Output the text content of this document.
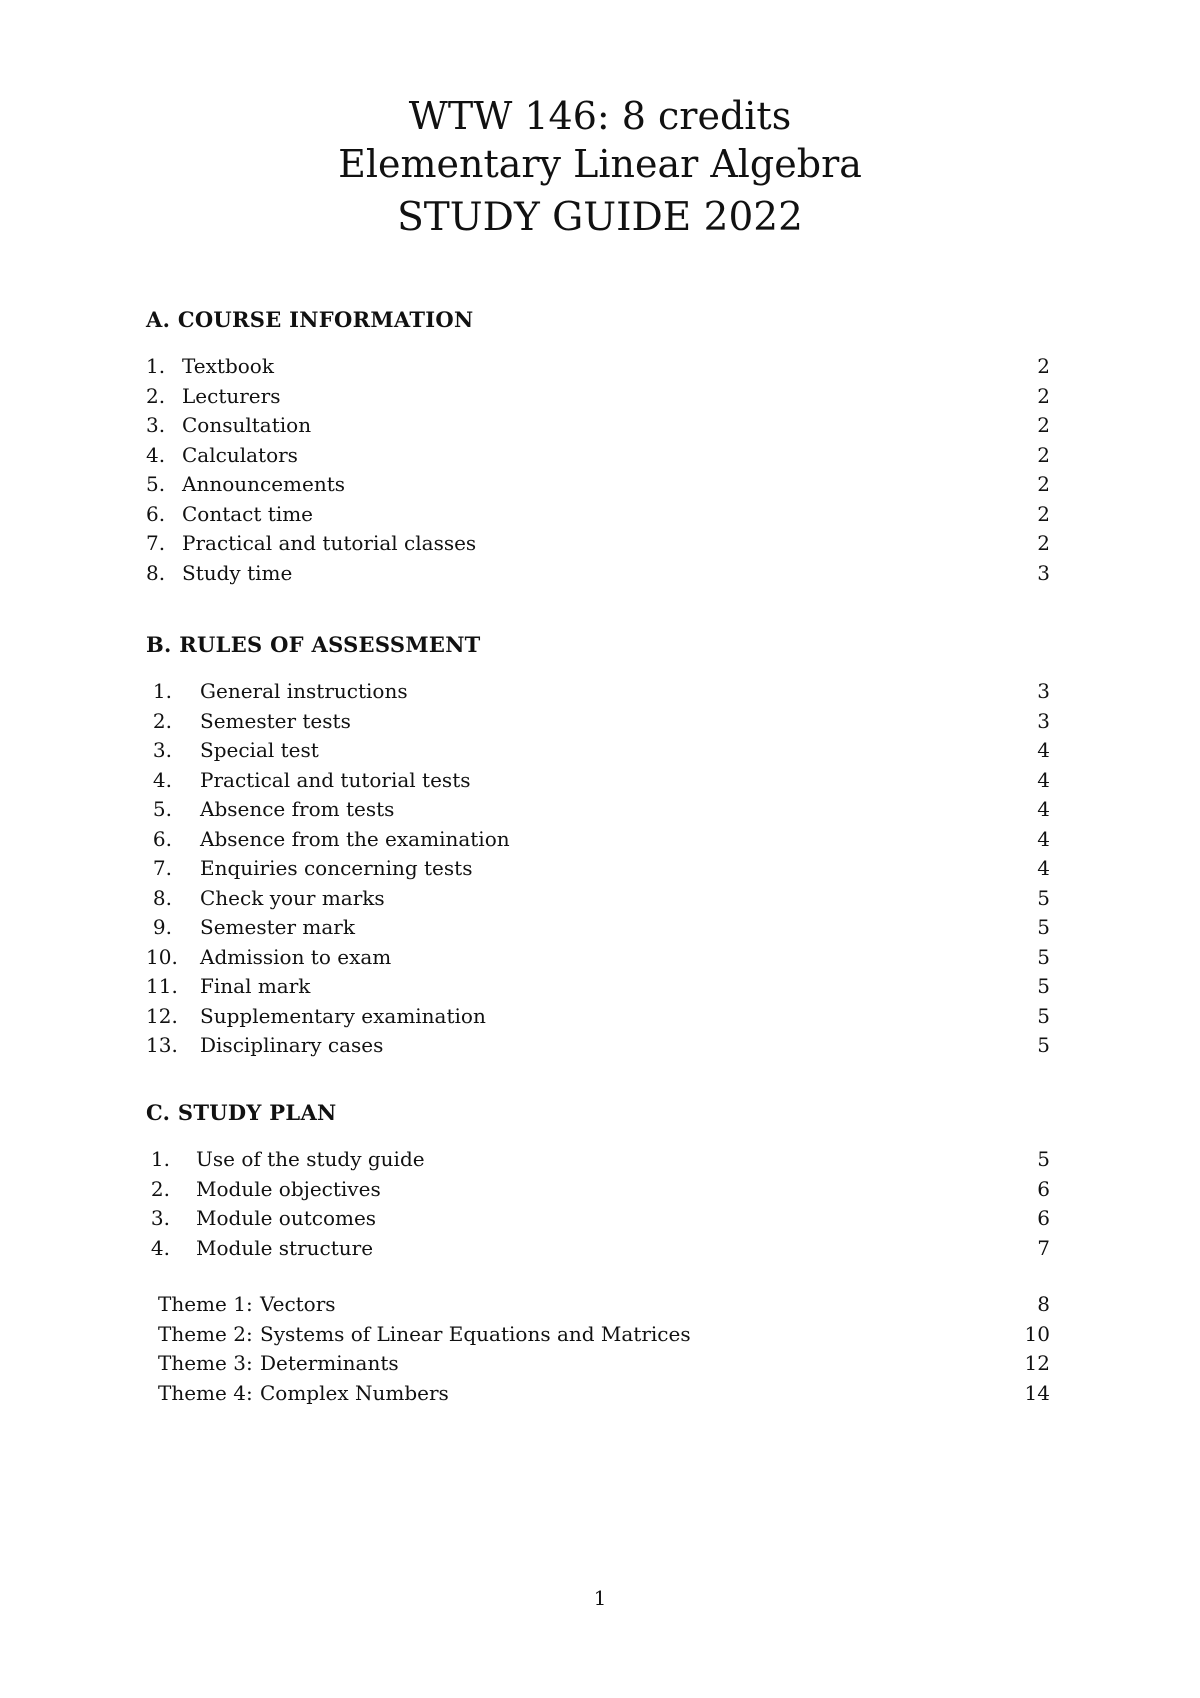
WTW 146: 8 credits
Elementary Linear Algebra
STUDY GUIDE 2022
A. COURSE INFORMATION
1. Textbook	2
2. Lecturers	2
3. Consultation	2
4. Calculators	2
5. Announcements	2
6. Contact time	2
7. Practical and tutorial classes	2
8. Study time	3
B. RULES OF ASSESSMENT
1.	General instructions	3
2.	Semester tests	3
3.	Special test	4
4.	Practical and tutorial tests	4
5.	Absence from tests	4
6.	Absence from the examination	4
7.	Enquiries concerning tests	4
8.	Check your marks	5
9.	Semester mark	5
10.	Admission to exam	5
11.	Final mark	5
12.	Supplementary examination	5
13.	Disciplinary cases	5
C. STUDY PLAN
1.	Use of the study guide	5
2.	Module objectives	6
3.	Module outcomes	6
4.	Module structure	7
Theme 1: Vectors	8
Theme 2: Systems of Linear Equations and Matrices	10
Theme 3: Determinants	12
Theme 4: Complex Numbers	14
1
